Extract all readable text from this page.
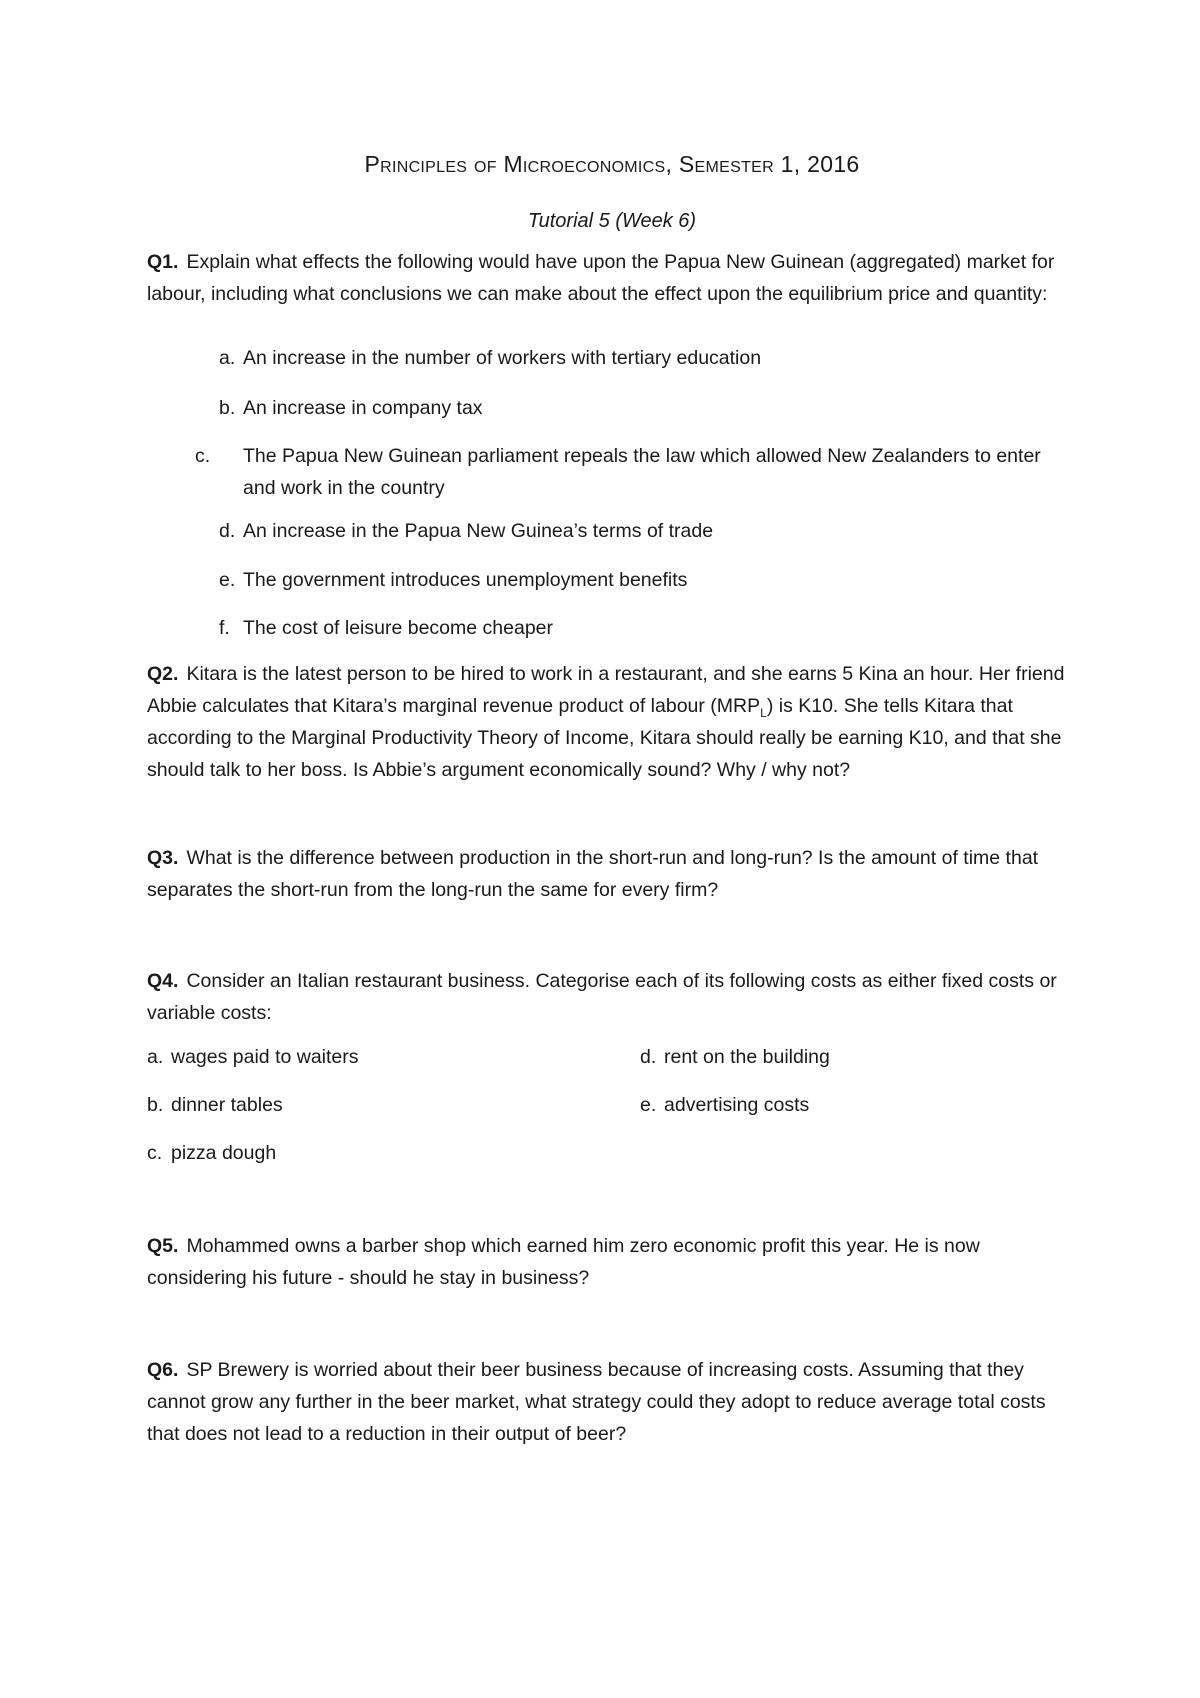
Principles of Microeconomics, Semester 1, 2016
Tutorial 5 (Week 6)

Q1. Explain what effects the following would have upon the Papua New Guinean (aggregated) market for labour, including what conclusions we can make about the effect upon the equilibrium price and quantity:

a. An increase in the number of workers with tertiary education

b. An increase in company tax

c. The Papua New Guinean parliament repeals the law which allowed New Zealanders to enter and work in the country

d. An increase in the Papua New Guinea’s terms of trade

e. The government introduces unemployment benefits

f. The cost of leisure become cheaper

Q2. Kitara is the latest person to be hired to work in a restaurant, and she earns 5 Kina an hour. Her friend Abbie calculates that Kitara’s marginal revenue product of labour $(MRP_L)$ is K10. She tells Kitara that according to the Marginal Productivity Theory of Income, Kitara should really be earning K10, and that she should talk to her boss. Is Abbie’s argument economically sound? Why / why not?

Q3. What is the difference between production in the short-run and long-run? Is the amount of time that separates the short-run from the long-run the same for every firm?

Q4. Consider an Italian restaurant business. Categorise each of its following costs as either fixed costs or variable costs:

a. wages paid to waiters

b. dinner tables

c. pizza dough

d. rent on the building

e. advertising costs

Q5. Mohammed owns a barber shop which earned him zero economic profit this year. He is now considering his future - should he stay in business?

Q6. SP Brewery is worried about their beer business because of increasing costs. Assuming that they cannot grow any further in the beer market, what strategy could they adopt to reduce average total costs that does not lead to a reduction in their output of beer?
